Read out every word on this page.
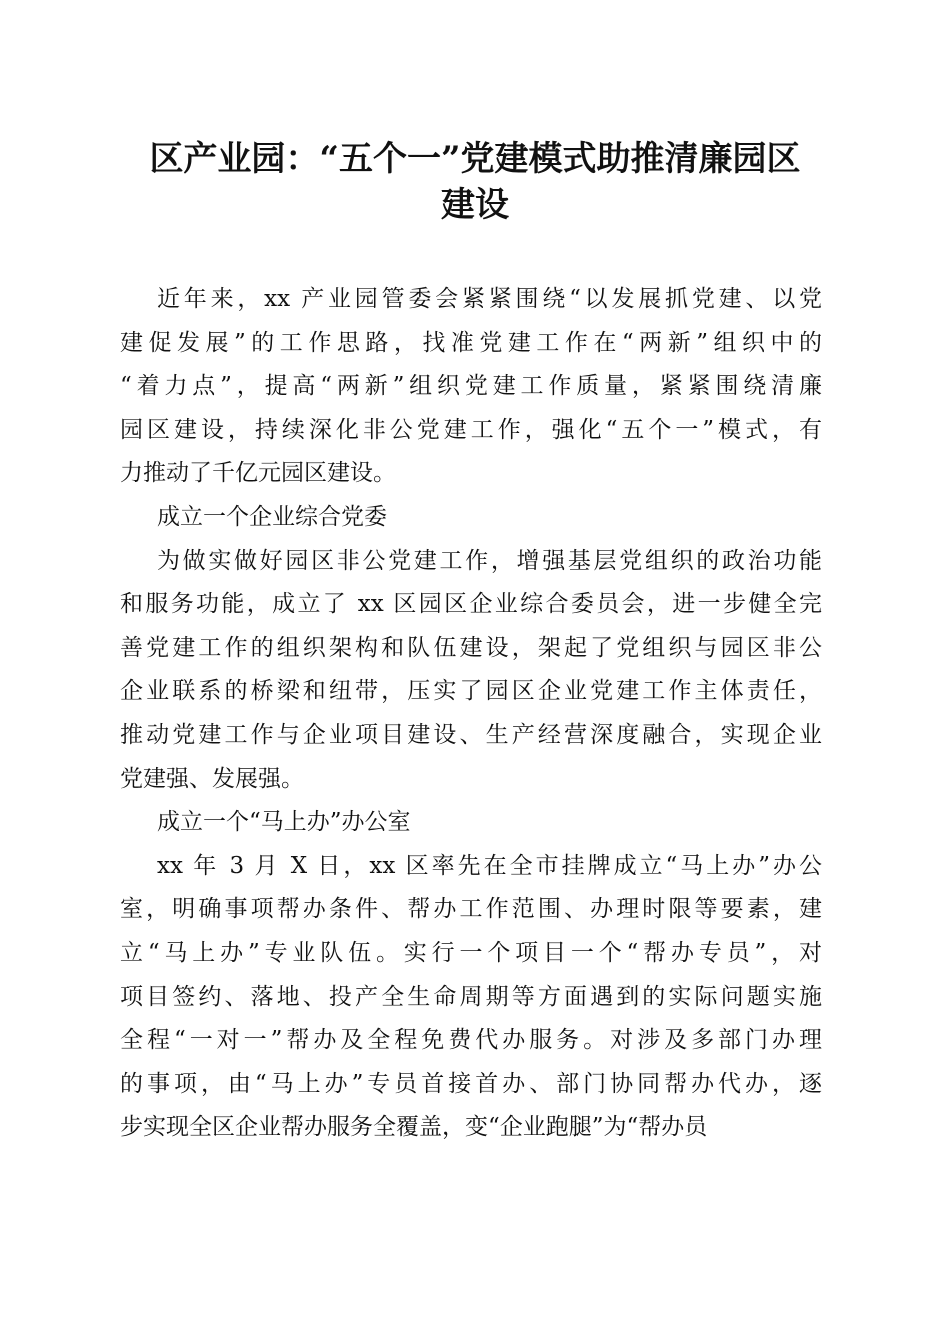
区产业园：“五个一”党建模式助推清廉园区
建设
近年来，xx 产业园管委会紧紧围绕“以发展抓党建、以党
建促发展”的工作思路，找准党建工作在“两新”组织中的
“着力点”，提高“两新”组织党建工作质量，紧紧围绕清廉
园区建设，持续深化非公党建工作，强化“五个一”模式，有
力推动了千亿元园区建设。
成立一个企业综合党委
为做实做好园区非公党建工作，增强基层党组织的政治功能
和服务功能，成立了 xx 区园区企业综合委员会，进一步健全完
善党建工作的组织架构和队伍建设，架起了党组织与园区非公
企业联系的桥梁和纽带，压实了园区企业党建工作主体责任，
推动党建工作与企业项目建设、生产经营深度融合，实现企业
党建强、发展强。
成立一个“马上办”办公室
xx 年 3 月 X 日，xx 区率先在全市挂牌成立“马上办”办公
室，明确事项帮办条件、帮办工作范围、办理时限等要素，建
立“马上办”专业队伍。实行一个项目一个“帮办专员”，对
项目签约、落地、投产全生命周期等方面遇到的实际问题实施
全程“一对一”帮办及全程免费代办服务。对涉及多部门办理
的事项，由“马上办”专员首接首办、部门协同帮办代办，逐
步实现全区企业帮办服务全覆盖，变“企业跑腿”为“帮办员
